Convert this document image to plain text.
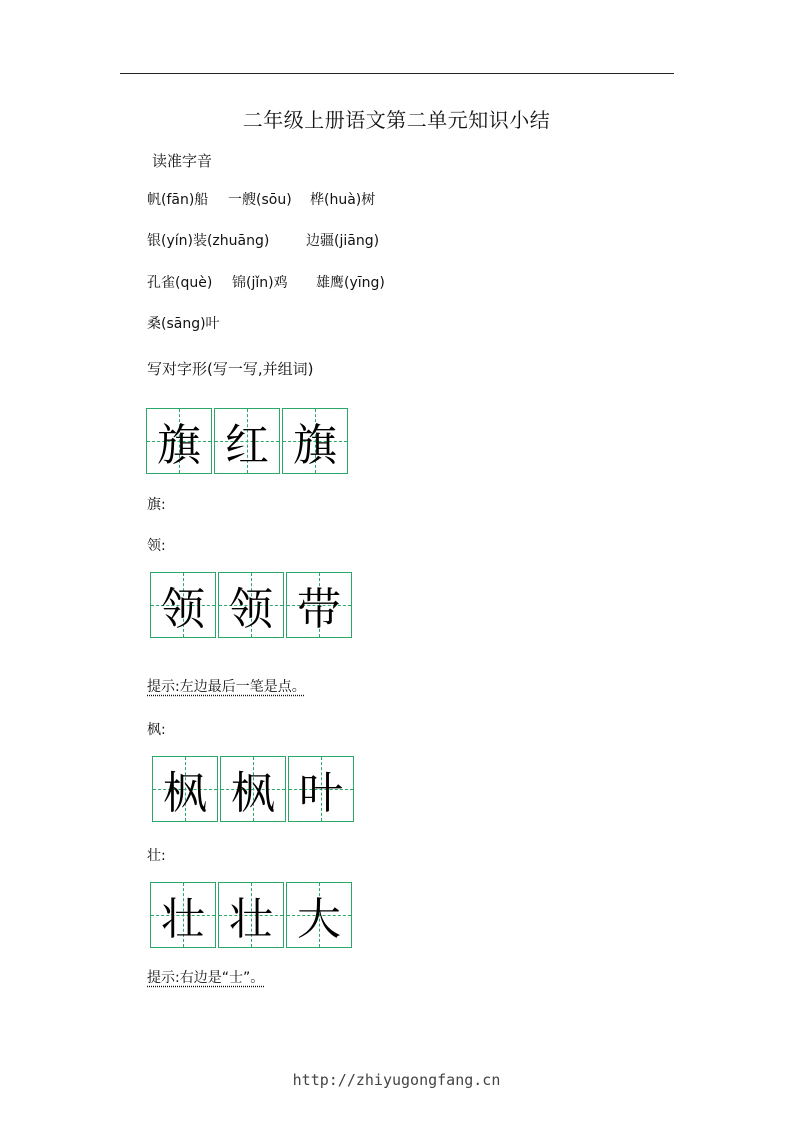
二年级上册语文第二单元知识小结
读准字音
帆(fān)船 一艘(sōu) 桦(huà)树
银(yín)装(zhuāng)	边疆(jiāng)
孔雀(què) 锦(jǐn)鸡 雄鹰(yīng)
桑(sāng)叶
写对字形(写一写,并组词)
旗 红 旗
旗:
领:
领 领 带
提示:左边最后一笔是点。
枫:
枫 枫 叶
壮:
壮 壮 大
提示:右边是“士”。
http://zhiyugongfang.cn
